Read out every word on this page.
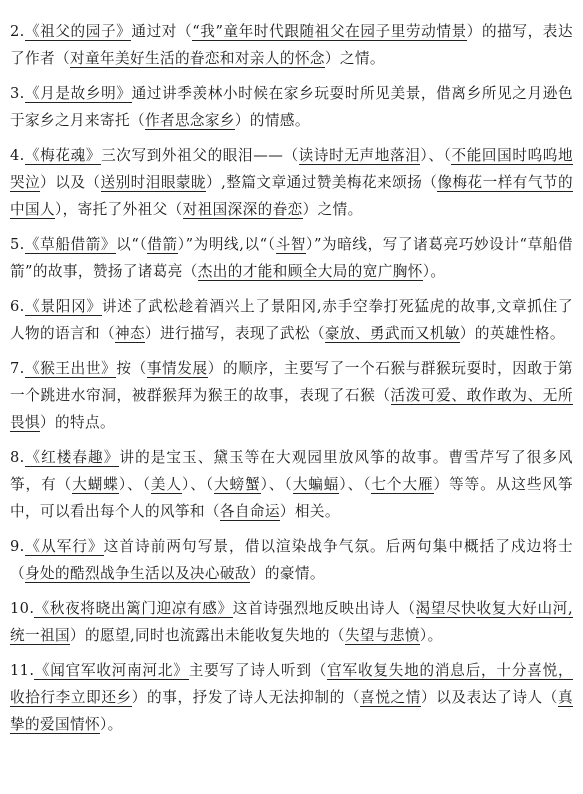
2.《祖父的园子》通过对（“我”童年时代跟随祖父在园子里劳动情景）的描写，表达了作者（对童年美好生活的眷恋和对亲人的怀念）之情。

3.《月是故乡明》通过讲季羡林小时候在家乡玩耍时所见美景，借离乡所见之月逊色于家乡之月来寄托（作者思念家乡）的情感。

4.《梅花魂》三次写到外祖父的眼泪——（读诗时无声地落泪）、（不能回国时呜呜地哭泣）以及（送别时泪眼蒙眬）,整篇文章通过赞美梅花来颂扬（像梅花一样有气节的中国人），寄托了外祖父（对祖国深深的眷恋）之情。

5.《草船借箭》以“（借箭）”为明线,以“（斗智）”为暗线，写了诸葛亮巧妙设计“草船借箭”的故事，赞扬了诸葛亮（杰出的才能和顾全大局的宽广胸怀）。

6.《景阳冈》讲述了武松趁着酒兴上了景阳冈,赤手空拳打死猛虎的故事,文章抓住了人物的语言和（神态）进行描写，表现了武松（豪放、勇武而又机敏）的英雄性格。

7.《猴王出世》按（事情发展）的顺序，主要写了一个石猴与群猴玩耍时，因敢于第一个跳进水帘洞，被群猴拜为猴王的故事，表现了石猴（活泼可爱、敢作敢为、无所畏惧）的特点。

8.《红楼春趣》讲的是宝玉、黛玉等在大观园里放风筝的故事。曹雪芹写了很多风筝，有（大蝴蝶）、（美人）、（大螃蟹）、（大蝙蝠）、（七个大雁）等等。从这些风筝中，可以看出每个人的风筝和（各自命运）相关。

9.《从军行》这首诗前两句写景，借以渲染战争气氛。后两句集中概括了戍边将士（身处的酷烈战争生活以及决心破敌）的豪情。

10.《秋夜将晓出篱门迎凉有感》这首诗强烈地反映出诗人（渴望尽快收复大好山河,统一祖国）的愿望,同时也流露出未能收复失地的（失望与悲愤）。

11.《闻官军收河南河北》主要写了诗人听到（官军收复失地的消息后，十分喜悦，收拾行李立即还乡）的事，抒发了诗人无法抑制的（喜悦之情）以及表达了诗人（真挚的爱国情怀）。
